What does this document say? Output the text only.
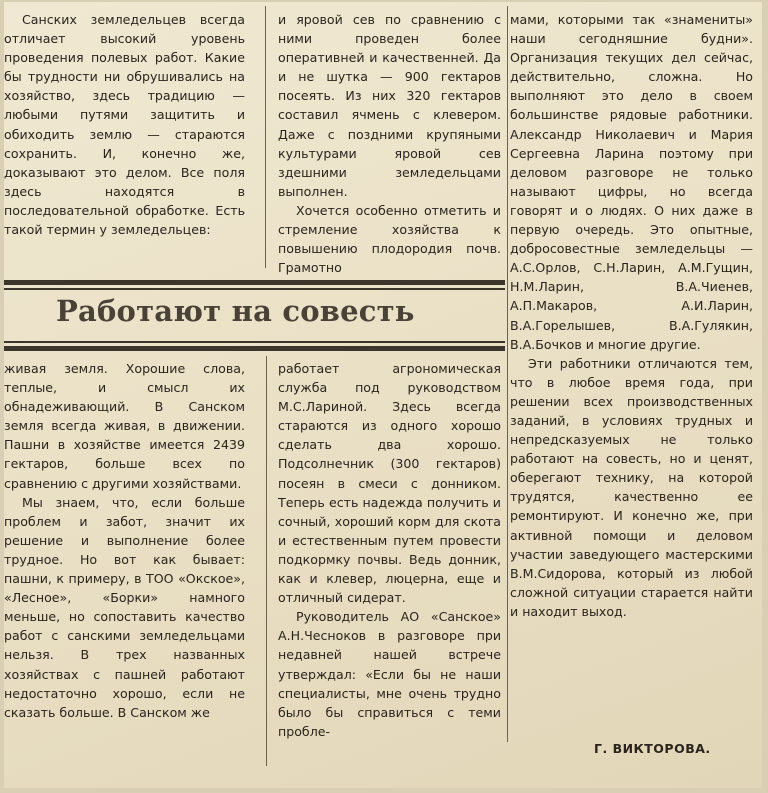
Санских земледельцев всегда отличает высокий уровень проведения полевых работ. Какие бы трудности ни обрушивались на хозяйство, здесь традицию — любыми путями защитить и обиходить землю — стараются сохранить. И, конечно же, доказывают это делом. Все поля здесь находятся в последовательной обработке. Есть такой термин у земледельцев:

и яровой сев по сравнению с ними проведен более оперативней и качественней. Да и не шутка — 900 гектаров посеять. Из них 320 гектаров составил ячмень с клевером. Даже с поздними крупяными культурами яровой сев здешними земледельцами выполнен.

Хочется особенно отметить и стремление хозяйства к повышению плодородия почв. Грамотно

Работают на совесть

живая земля. Хорошие слова, теплые, и смысл их обнадеживающий. В Санском земля всегда живая, в движении. Пашни в хозяйстве имеется 2439 гектаров, больше всех по сравнению с другими хозяйствами.

Мы знаем, что, если больше проблем и забот, значит их решение и выполнение более трудное. Но вот как бывает: пашни, к примеру, в ТОО «Окское», «Лесное», «Борки» намного меньше, но сопоставить качество работ с санскими земледельцами нельзя. В трех названных хозяйствах с пашней работают недостаточно хорошо, если не сказать больше. В Санском же

работает агрономическая служба под руководством М.С.Лариной. Здесь всегда стараются из одного хорошо сделать два хорошо. Подсолнечник (300 гектаров) посеян в смеси с донником. Теперь есть надежда получить и сочный, хороший корм для скота и естественным путем провести подкормку почвы. Ведь донник, как и клевер, люцерна, еще и отличный сидерат.

Руководитель АО «Санское» А.Н.Чесноков в разговоре при недавней нашей встрече утверждал: «Если бы не наши специалисты, мне очень трудно было бы справиться с теми пробле-

мами, которыми так «знамениты» наши сегодняшние будни». Организация текущих дел сейчас, действительно, сложна. Но выполняют это дело в своем большинстве рядовые работники. Александр Николаевич и Мария Сергеевна Ларина поэтому при деловом разговоре не только называют цифры, но всегда говорят и о людях. О них даже в первую очередь. Это опытные, добросовестные земледельцы — А.С.Орлов, С.Н.Ларин, А.М.Гущин, Н.М.Ларин, В.А.Чиенев, А.П.Макаров, А.И.Ларин, В.А.Горелышев, В.А.Гулякин, В.А.Бочков и многие другие.

Эти работники отличаются тем, что в любое время года, при решении всех производственных заданий, в условиях трудных и непредсказуемых не только работают на совесть, но и ценят, оберегают технику, на которой трудятся, качественно ее ремонтируют. И конечно же, при активной помощи и деловом участии заведующего мастерскими В.М.Сидорова, который из любой сложной ситуации старается найти и находит выход.

Г. ВИКТОРОВА.
